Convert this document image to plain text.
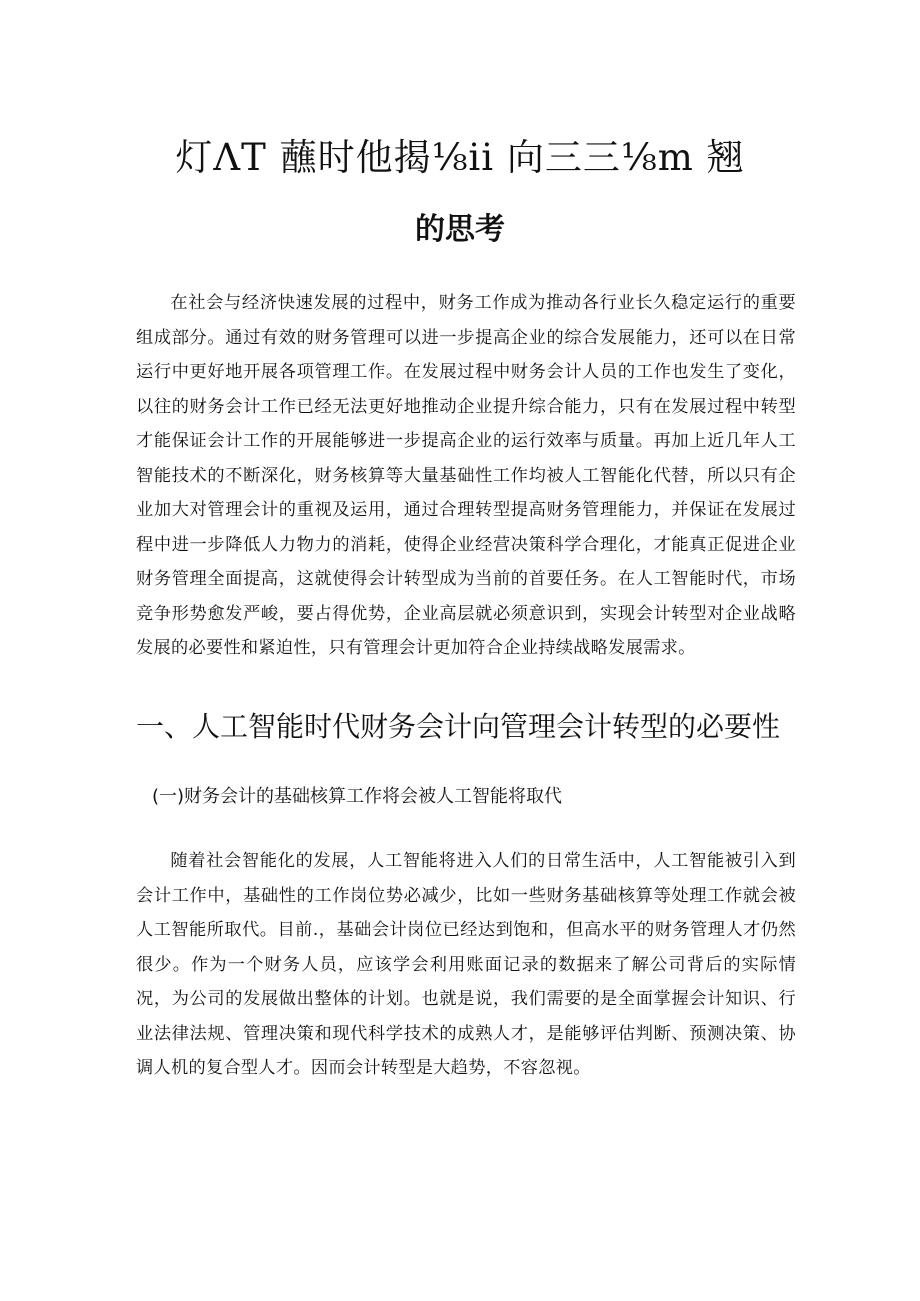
灯ΛT 蘸时他揭⅛ii 向三三⅛m 翘
的思考

在社会与经济快速发展的过程中，财务工作成为推动各行业长久稳定运行的重要组成部分。通过有效的财务管理可以进一步提高企业的综合发展能力，还可以在日常运行中更好地开展各项管理工作。在发展过程中财务会计人员的工作也发生了变化，以往的财务会计工作已经无法更好地推动企业提升综合能力，只有在发展过程中转型才能保证会计工作的开展能够进一步提高企业的运行效率与质量。再加上近几年人工智能技术的不断深化，财务核算等大量基础性工作均被人工智能化代替，所以只有企业加大对管理会计的重视及运用，通过合理转型提高财务管理能力，并保证在发展过程中进一步降低人力物力的消耗，使得企业经营决策科学合理化，才能真正促进企业财务管理全面提高，这就使得会计转型成为当前的首要任务。在人工智能时代，市场竞争形势愈发严峻，要占得优势，企业高层就必须意识到，实现会计转型对企业战略发展的必要性和紧迫性，只有管理会计更加符合企业持续战略发展需求。

一、人工智能时代财务会计向管理会计转型的必要性
(一)财务会计的基础核算工作将会被人工智能将取代

随着社会智能化的发展，人工智能将进入人们的日常生活中，人工智能被引入到会计工作中，基础性的工作岗位势必减少，比如一些财务基础核算等处理工作就会被人工智能所取代。目前.，基础会计岗位已经达到饱和，但高水平的财务管理人才仍然很少。作为一个财务人员，应该学会利用账面记录的数据来了解公司背后的实际情况，为公司的发展做出整体的计划。也就是说，我们需要的是全面掌握会计知识、行业法律法规、管理决策和现代科学技术的成熟人才，是能够评估判断、预测决策、协调人机的复合型人才。因而会计转型是大趋势，不容忽视。
